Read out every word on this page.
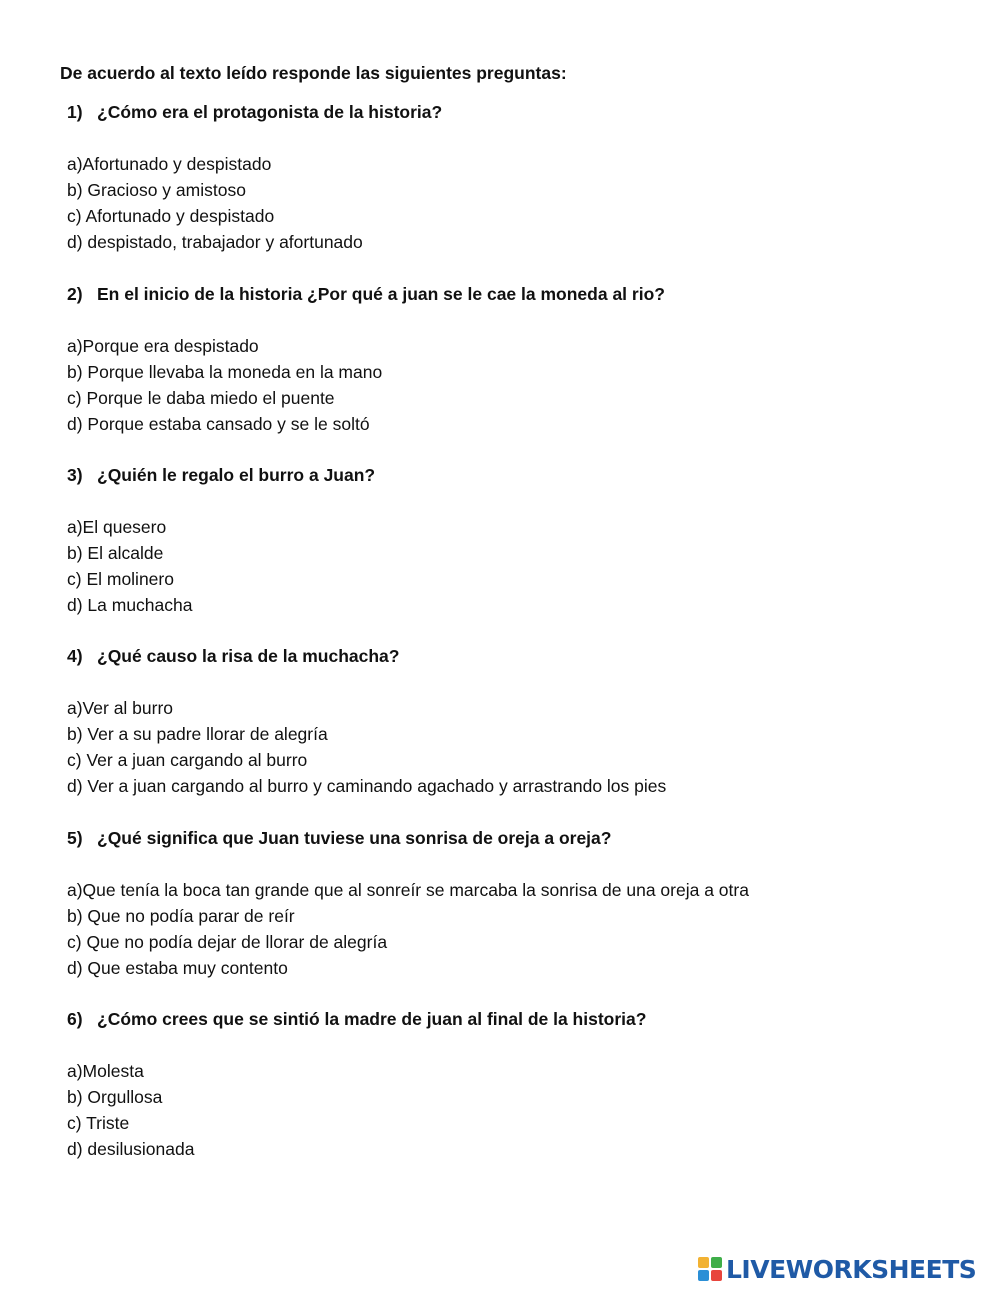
De acuerdo al texto leído responde las siguientes preguntas:
1) ¿Cómo era el protagonista de la historia?
a)Afortunado y despistado
b) Gracioso y amistoso
c) Afortunado y despistado
d) despistado, trabajador y afortunado
2) En el inicio de la historia ¿Por qué a juan se le cae la moneda al rio?
a)Porque era despistado
b) Porque llevaba la moneda en la mano
c) Porque le daba miedo el puente
d) Porque estaba cansado y se le soltó
3) ¿Quién le regalo el burro a Juan?
a)El quesero
b) El alcalde
c) El molinero
d) La muchacha
4) ¿Qué causo la risa de la muchacha?
a)Ver al burro
b) Ver a su padre llorar de alegría
c) Ver a juan cargando al burro
d) Ver a juan cargando al burro y caminando agachado y arrastrando los pies
5) ¿Qué significa que Juan tuviese una sonrisa de oreja a oreja?
a)Que tenía la boca tan grande que al sonreír se marcaba la sonrisa de una oreja a otra
b) Que no podía parar de reír
c) Que no podía dejar de llorar de alegría
d) Que estaba muy contento
6) ¿Cómo crees que se sintió la madre de juan al final de la historia?
a)Molesta
b) Orgullosa
c) Triste
d) desilusionada
LIVEWORKSHEETS
